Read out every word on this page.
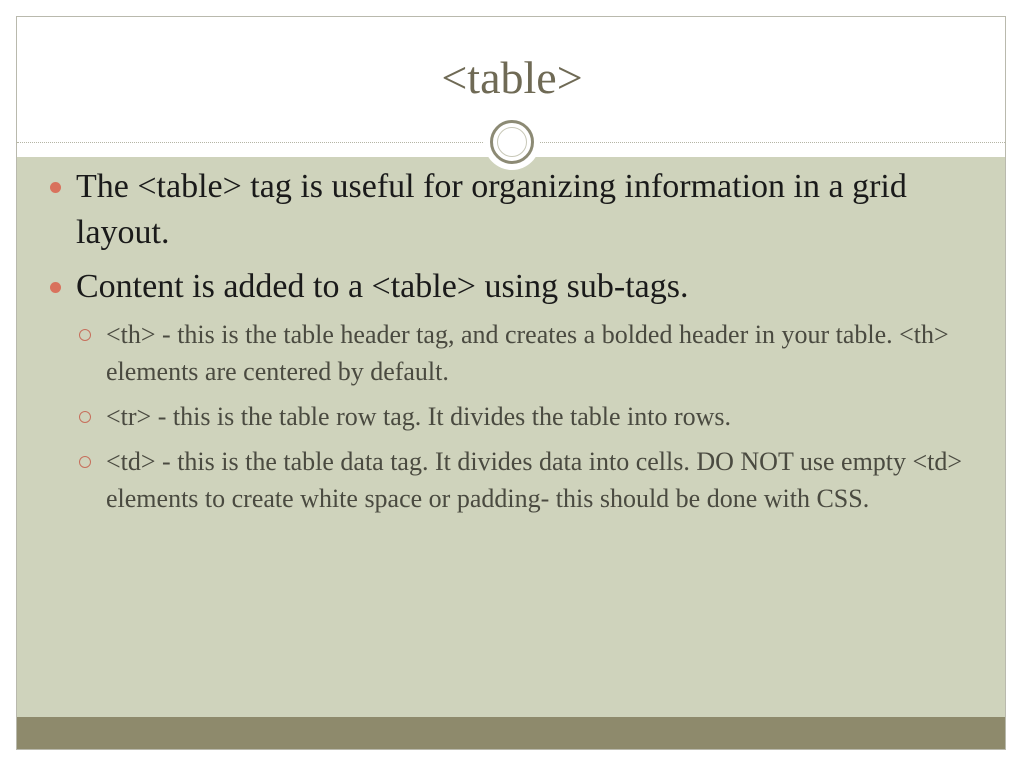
<table>
The <table> tag is useful for organizing information in a grid layout.
Content is added to a <table> using sub-tags.
<th> - this is the table header tag, and creates a bolded header in your table. <th> elements are centered by default.
<tr> - this is the table row tag. It divides the table into rows.
<td> - this is the table data tag. It divides data into cells. DO NOT use empty <td> elements to create white space or padding- this should be done with CSS.
